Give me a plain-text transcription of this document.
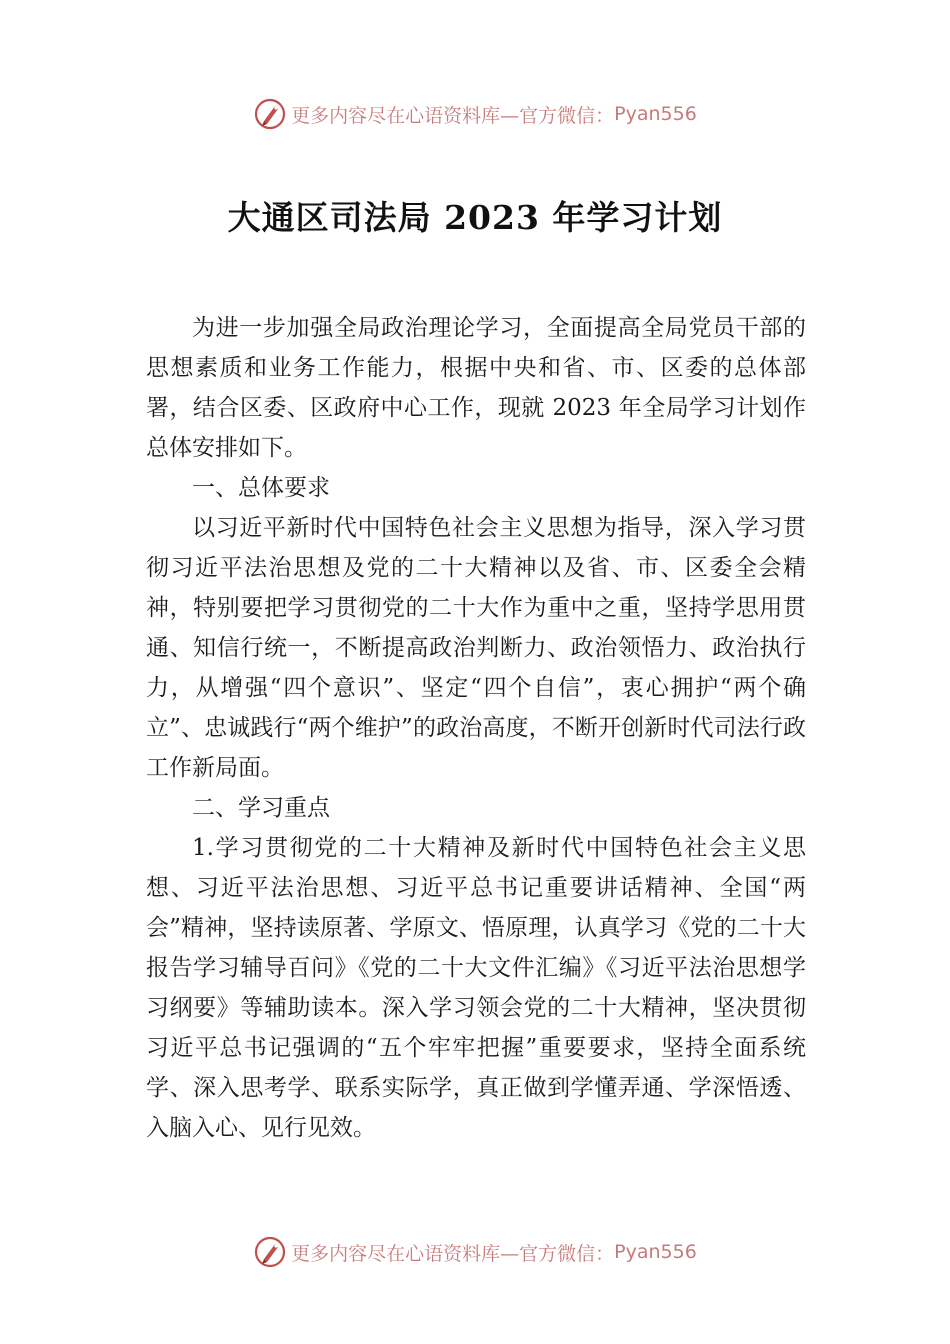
更多内容尽在心语资料库—官方微信： Pyan556
大通区司法局 2023 年学习计划

为进一步加强全局政治理论学习，全面提高全局党员干部的思想素质和业务工作能力，根据中央和省、市、区委的总体部署，结合区委、区政府中心工作，现就 2023 年全局学习计划作总体安排如下。

一、总体要求

以习近平新时代中国特色社会主义思想为指导，深入学习贯彻习近平法治思想及党的二十大精神以及省、市、区委全会精神，特别要把学习贯彻党的二十大作为重中之重，坚持学思用贯通、知信行统一，不断提高政治判断力、政治领悟力、政治执行力，从增强“四个意识”、坚定“四个自信”，衷心拥护“两个确立”、忠诚践行“两个维护”的政治高度，不断开创新时代司法行政工作新局面。

二、学习重点

1.学习贯彻党的二十大精神及新时代中国特色社会主义思想、习近平法治思想、习近平总书记重要讲话精神、全国“两会”精神，坚持读原著、学原文、悟原理，认真学习《党的二十大报告学习辅导百问》《党的二十大文件汇编》《习近平法治思想学习纲要》等辅助读本。深入学习领会党的二十大精神，坚决贯彻习近平总书记强调的“五个牢牢把握”重要要求，坚持全面系统学、深入思考学、联系实际学，真正做到学懂弄通、学深悟透、入脑入心、见行见效。

更多内容尽在心语资料库—官方微信： Pyan556
